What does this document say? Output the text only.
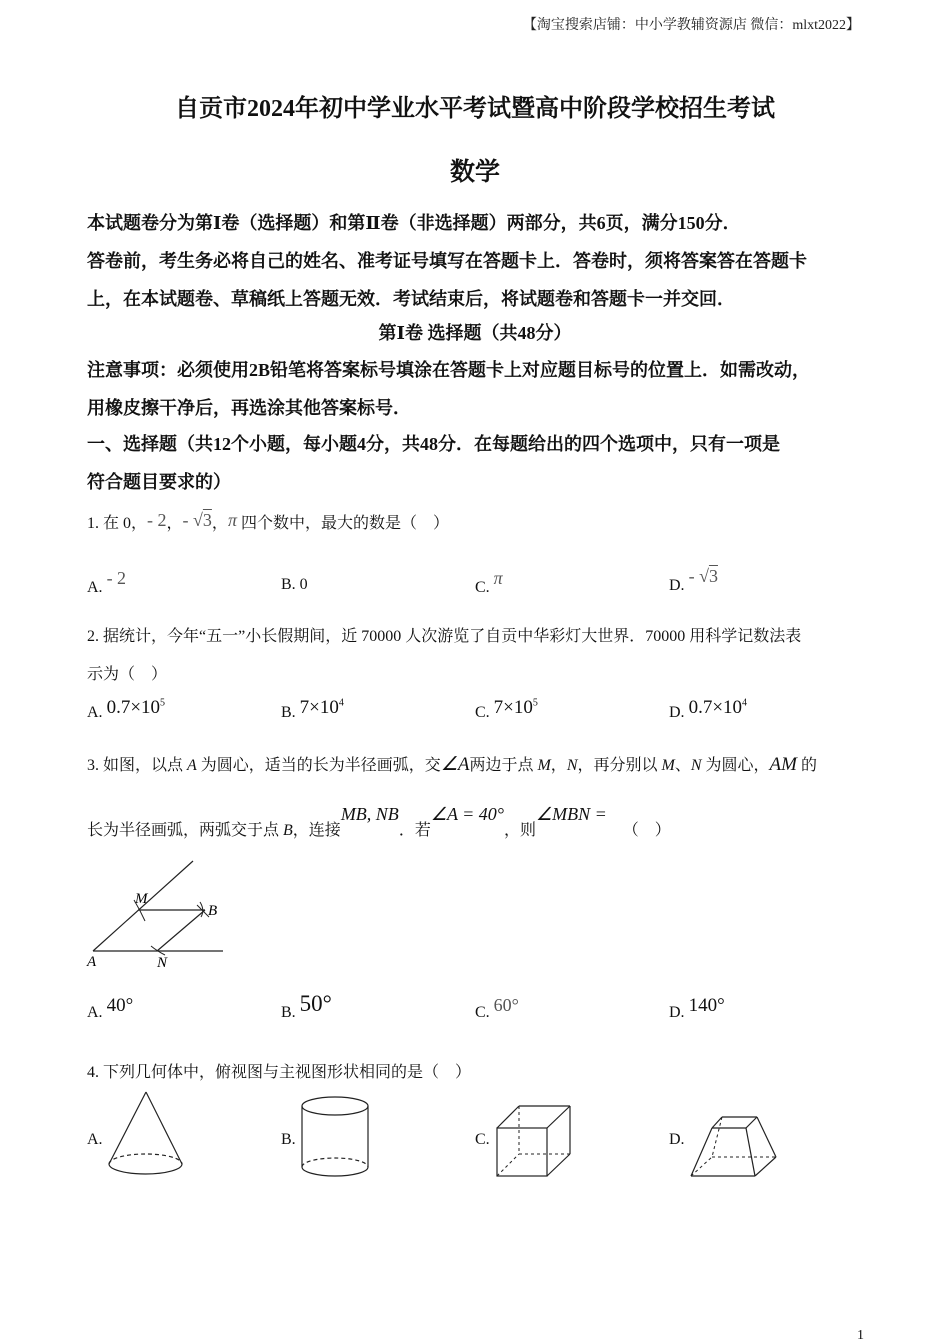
【淘宝搜索店铺：中小学教辅资源店 微信：mlxt2022】
自贡市2024年初中学业水平考试暨高中阶段学校招生考试
数学
本试题卷分为第Ⅰ卷（选择题）和第Ⅱ卷（非选择题）两部分，共6页，满分150分．
答卷前，考生务必将自己的姓名、准考证号填写在答题卡上．答卷时，须将答案答在答题卡
上，在本试题卷、草稿纸上答题无效．考试结束后，将试题卷和答题卡一并交回．
第Ⅰ卷 选择题（共48分）
注意事项：必须使用2B铅笔将答案标号填涂在答题卡上对应题目标号的位置上．如需改动，
用橡皮擦干净后，再选涂其他答案标号．
一、选择题（共12个小题，每小题4分，共48分．在每题给出的四个选项中，只有一项是
符合题目要求的）
1. 在 0，- 2，- √3，π 四个数中，最大的数是（　）
A. - 2	B. 0	C. π	D. - √3
2. 据统计，今年“五一”小长假期间，近 70000 人次游览了自贡中华彩灯大世界．70000 用科学记数法表
示为（　）
A. $0.7\times 10^5$
B. $7\times 10^4$
C. $7\times 10^5$
D. $0.7\times 10^4$
3. 如图，以点 A 为圆心，适当的长为半径画弧，交∠A两边于点 M，N，再分别以 M、N 为圆心，AM 的
长为半径画弧，两弧交于点 B，连接MB, NB．若∠A = 40°，则∠MBN =（　）
M
B
A	N
A. 40°	B. 50°	C. 60°	D. 140°
4. 下列几何体中，俯视图与主视图形状相同的是（　）
A.	B.	C.	D.
1
